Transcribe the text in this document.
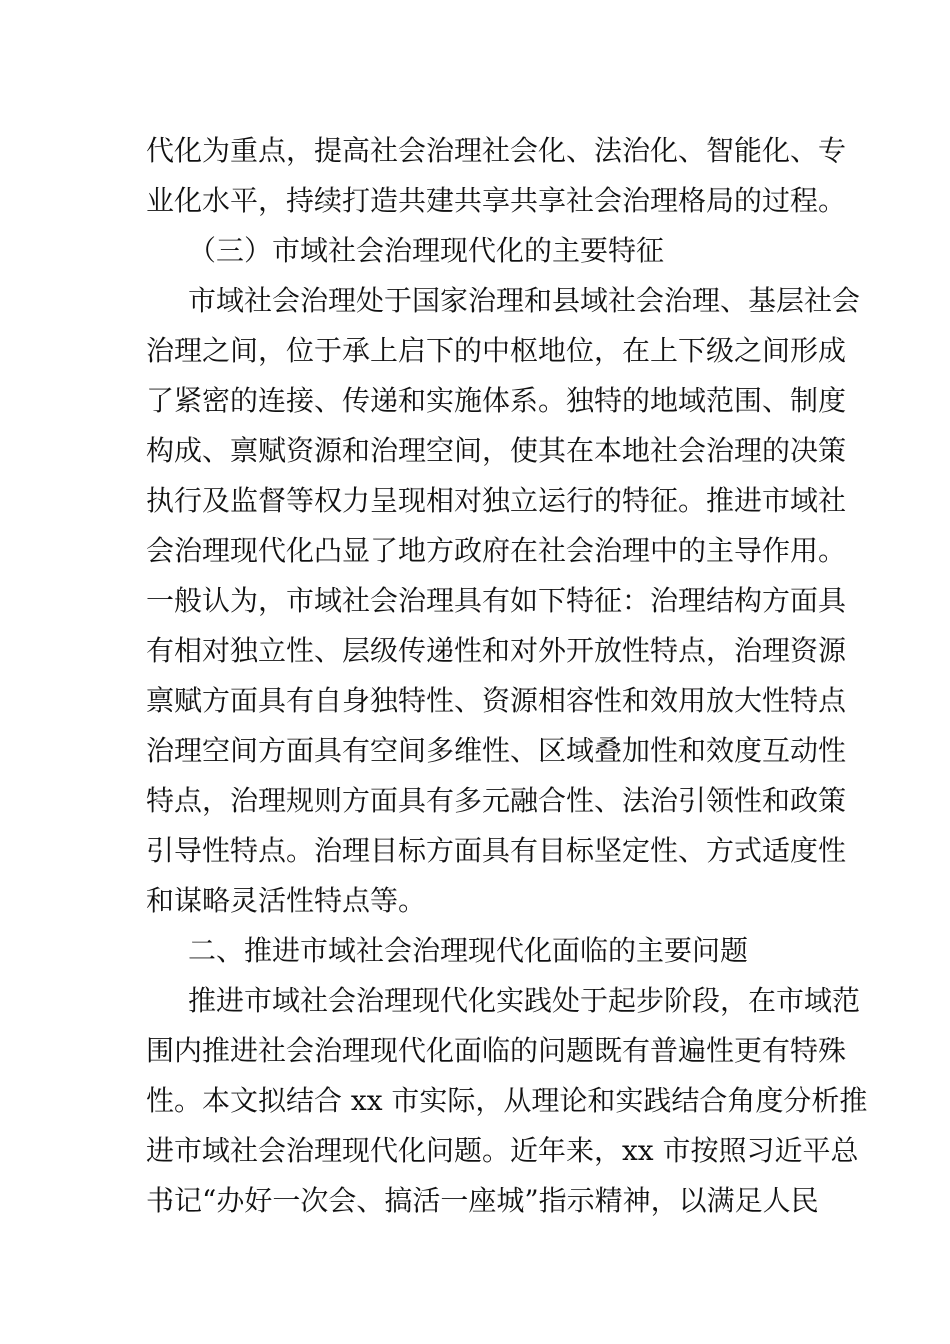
代化为重点，提高社会治理社会化、法治化、智能化、专
业化水平，持续打造共建共享共享社会治理格局的过程。
（三）市域社会治理现代化的主要特征
市域社会治理处于国家治理和县域社会治理、基层社会
治理之间，位于承上启下的中枢地位，在上下级之间形成
了紧密的连接、传递和实施体系。独特的地域范围、制度
构成、禀赋资源和治理空间，使其在本地社会治理的决策
执行及监督等权力呈现相对独立运行的特征。推进市域社
会治理现代化凸显了地方政府在社会治理中的主导作用。
一般认为，市域社会治理具有如下特征：治理结构方面具
有相对独立性、层级传递性和对外开放性特点，治理资源
禀赋方面具有自身独特性、资源相容性和效用放大性特点
治理空间方面具有空间多维性、区域叠加性和效度互动性
特点，治理规则方面具有多元融合性、法治引领性和政策
引导性特点。治理目标方面具有目标坚定性、方式适度性
和谋略灵活性特点等。
二、推进市域社会治理现代化面临的主要问题
推进市域社会治理现代化实践处于起步阶段，在市域范
围内推进社会治理现代化面临的问题既有普遍性更有特殊
性。本文拟结合 xx 市实际，从理论和实践结合角度分析推
进市域社会治理现代化问题。近年来，xx 市按照习近平总
书记“办好一次会、搞活一座城”指示精神，以满足人民
